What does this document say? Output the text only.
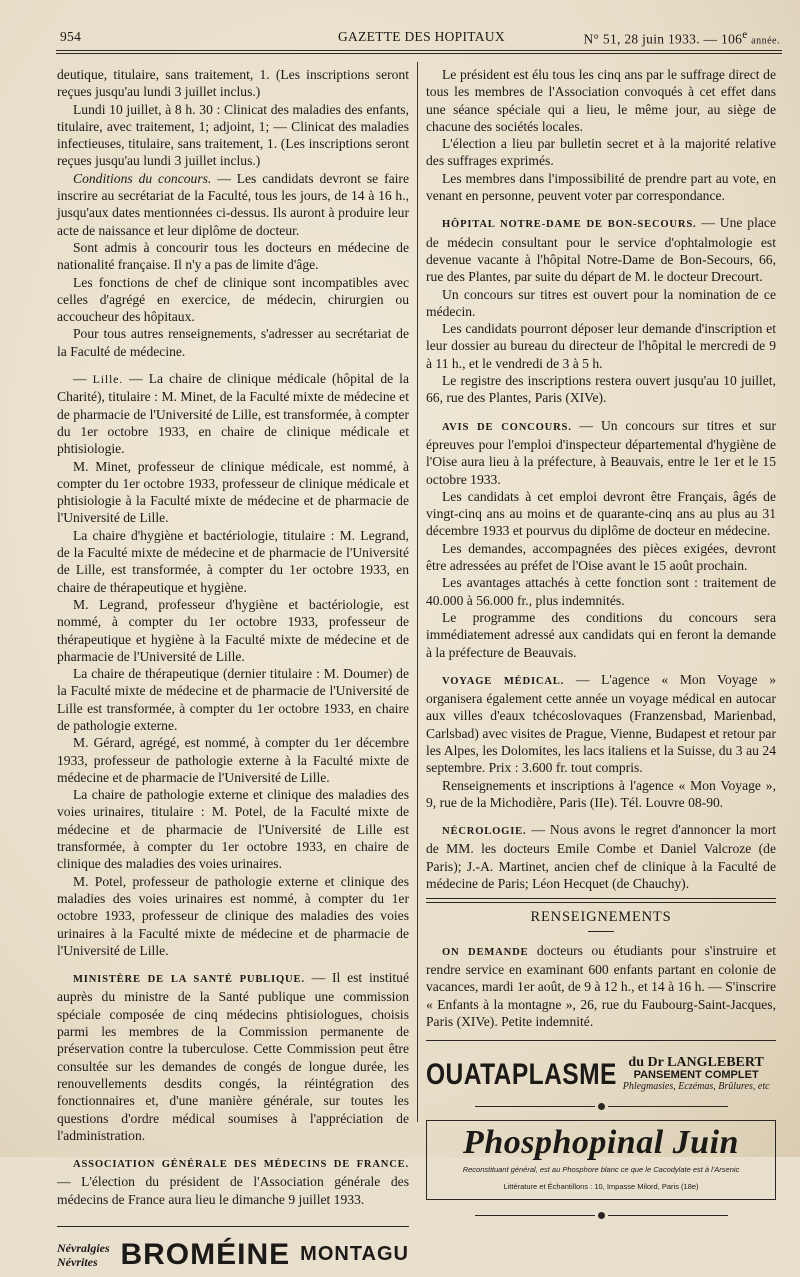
954	GAZETTE DES HOPITAUX	N° 51, 28 juin 1933. — 106e année.

deutique, titulaire, sans traitement, 1. (Les inscriptions seront reçues jusqu'au lundi 3 juillet inclus.)

Lundi 10 juillet, à 8 h. 30 : Clinicat des maladies des enfants, titulaire, avec traitement, 1; adjoint, 1; — Clinicat des maladies infectieuses, titulaire, sans traitement, 1. (Les inscriptions seront reçues jusqu'au lundi 3 juillet inclus.)

Conditions du concours. — Les candidats devront se faire inscrire au secrétariat de la Faculté, tous les jours, de 14 à 16 h., jusqu'aux dates mentionnées ci-dessus. Ils auront à produire leur acte de naissance et leur diplôme de docteur.

Sont admis à concourir tous les docteurs en médecine de nationalité française. Il n'y a pas de limite d'âge.

Les fonctions de chef de clinique sont incompatibles avec celles d'agrégé en exercice, de médecin, chirurgien ou accoucheur des hôpitaux.

Pour tous autres renseignements, s'adresser au secrétariat de la Faculté de médecine.

— Lille. — La chaire de clinique médicale (hôpital de la Charité), titulaire : M. Minet, de la Faculté mixte de médecine et de pharmacie de l'Université de Lille, est transformée, à compter du 1er octobre 1933, en chaire de clinique médicale et phtisiologie.

M. Minet, professeur de clinique médicale, est nommé, à compter du 1er octobre 1933, professeur de clinique médicale et phtisiologie à la Faculté mixte de médecine et de pharmacie de l'Université de Lille.

La chaire d'hygiène et bactériologie, titulaire : M. Legrand, de la Faculté mixte de médecine et de pharmacie de l'Université de Lille, est transformée, à compter du 1er octobre 1933, en chaire de thérapeutique et hygiène.

M. Legrand, professeur d'hygiène et bactériologie, est nommé, à compter du 1er octobre 1933, professeur de thérapeutique et hygiène à la Faculté mixte de médecine et de pharmacie de l'Université de Lille.

La chaire de thérapeutique (dernier titulaire : M. Doumer) de la Faculté mixte de médecine et de pharmacie de l'Université de Lille est transformée, à compter du 1er octobre 1933, en chaire de pathologie externe.

M. Gérard, agrégé, est nommé, à compter du 1er décembre 1933, professeur de pathologie externe à la Faculté mixte de médecine et de pharmacie de l'Université de Lille.

La chaire de pathologie externe et clinique des maladies des voies urinaires, titulaire : M. Potel, de la Faculté mixte de médecine et de pharmacie de l'Université de Lille est transformée, à compter du 1er octobre 1933, en chaire de clinique des maladies des voies urinaires.

M. Potel, professeur de pathologie externe et clinique des maladies des voies urinaires est nommé, à compter du 1er octobre 1933, professeur de clinique des maladies des voies urinaires à la Faculté mixte de médecine et de pharmacie de l'Université de Lille.

MINISTÈRE DE LA SANTÉ PUBLIQUE. — Il est institué auprès du ministre de la Santé publique une commission spéciale composée de cinq médecins phtisiologues, choisis parmi les membres de la Commission permanente de préservation contre la tuberculose. Cette Commission peut être consultée sur les demandes de congés de longue durée, les renouvellements desdits congés, la réintégration des fonctionnaires et, d'une manière générale, sur toutes les questions d'ordre médical soumises à l'appréciation de l'administration.

ASSOCIATION GÉNÉRALE DES MÉDECINS DE FRANCE. — L'élection du président de l'Association générale des médecins de France aura lieu le dimanche 9 juillet 1933.

Névralgies
Névrites BROMÉINE MONTAGU

Le président est élu tous les cinq ans par le suffrage direct de tous les membres de l'Association convoqués à cet effet dans une séance spéciale qui a lieu, le même jour, au siège de chacune des sociétés locales.

L'élection a lieu par bulletin secret et à la majorité relative des suffrages exprimés.

Les membres dans l'impossibilité de prendre part au vote, en venant en personne, peuvent voter par correspondance.

HÔPITAL NOTRE-DAME DE BON-SECOURS. — Une place de médecin consultant pour le service d'ophtalmologie est devenue vacante à l'hôpital Notre-Dame de Bon-Secours, 66, rue des Plantes, par suite du départ de M. le docteur Drecourt.

Un concours sur titres est ouvert pour la nomination de ce médecin.

Les candidats pourront déposer leur demande d'inscription et leur dossier au bureau du directeur de l'hôpital le mercredi de 9 à 11 h., et le vendredi de 3 à 5 h.

Le registre des inscriptions restera ouvert jusqu'au 10 juillet, 66, rue des Plantes, Paris (XIVe).

AVIS DE CONCOURS. — Un concours sur titres et sur épreuves pour l'emploi d'inspecteur départemental d'hygiène de l'Oise aura lieu à la préfecture, à Beauvais, entre le 1er et le 15 octobre 1933.

Les candidats à cet emploi devront être Français, âgés de vingt-cinq ans au moins et de quarante-cinq ans au plus au 31 décembre 1933 et pourvus du diplôme de docteur en médecine.

Les demandes, accompagnées des pièces exigées, devront être adressées au préfet de l'Oise avant le 15 août prochain.

Les avantages attachés à cette fonction sont : traitement de 40.000 à 56.000 fr., plus indemnités.

Le programme des conditions du concours sera immédiatement adressé aux candidats qui en feront la demande à la préfecture de Beauvais.

VOYAGE MÉDICAL. — L'agence « Mon Voyage » organisera également cette année un voyage médical en autocar aux villes d'eaux tchécoslovaques (Franzensbad, Marienbad, Carlsbad) avec visites de Prague, Vienne, Budapest et retour par les Alpes, les Dolomites, les lacs italiens et la Suisse, du 3 au 24 septembre. Prix : 3.600 fr. tout compris.

Renseignements et inscriptions à l'agence « Mon Voyage », 9, rue de la Michodière, Paris (IIe). Tél. Louvre 08-90.

NÉCROLOGIE. — Nous avons le regret d'annoncer la mort de MM. les docteurs Emile Combe et Daniel Valcroze (de Paris); J.-A. Martinet, ancien chef de clinique à la Faculté de médecine de Paris; Léon Hecquet (de Chauchy).

RENSEIGNEMENTS

ON DEMANDE docteurs ou étudiants pour s'instruire et rendre service en examinant 600 enfants partant en colonie de vacances, mardi 1er août, de 9 à 12 h., et 14 à 16 h. — S'inscrire « Enfants à la montagne », 26, rue du Faubourg-Saint-Jacques, Paris (XIVe). Petite indemnité.

OUATAPLASME du Dr LANGLEBERT
PANSEMENT COMPLET
Phlegmasies, Eczémas, Brûlures, etc
Phosphopinal Juin
Reconstituant général, est au Phosphore blanc ce que le Cacodylate est à l'Arsenic
Littérature et Échantillons : 10, Impasse Milord, Paris (18e)
